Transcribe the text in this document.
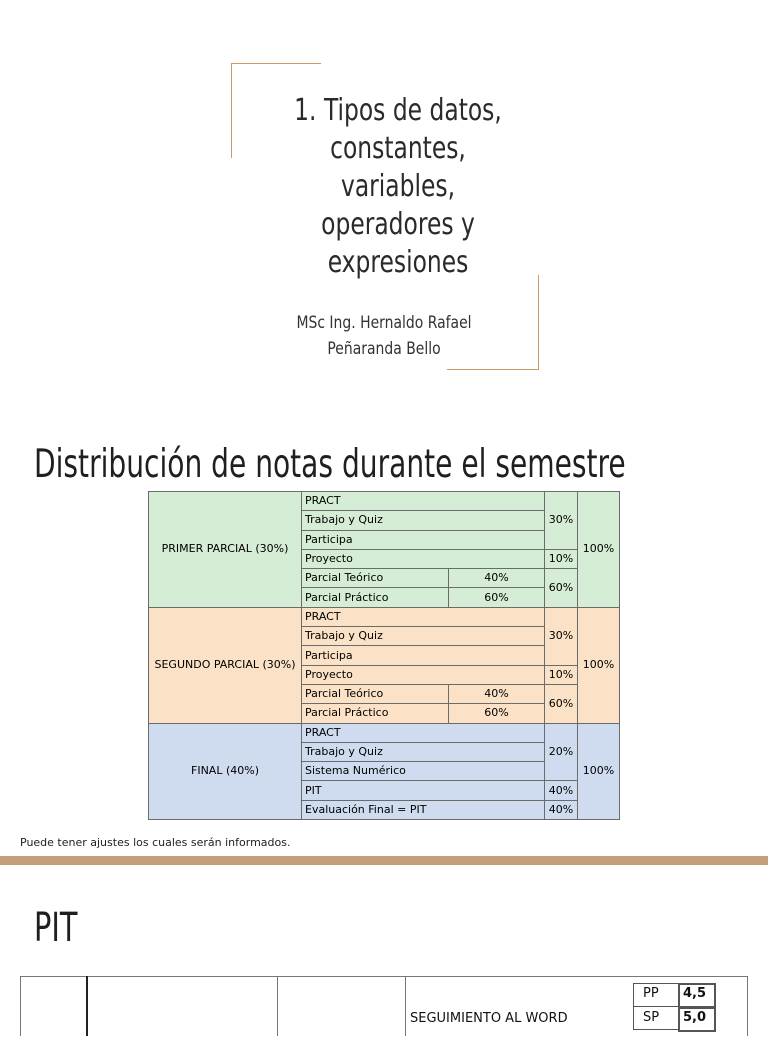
1. Tipos de datos,
constantes, variables,
operadores y
expresiones
MSc Ing. Hernaldo Rafael
Peñaranda Bello
Distribución de notas durante el semestre
PRIMER PARCIAL (30%)	PRACT		30%	100%
	Trabajo y Quiz			
	Participa			
	Proyecto		10%	
	Parcial Teórico	40%	60%	
	Parcial Práctico	60%		
SEGUNDO PARCIAL (30%)	PRACT		30%	100%
	Trabajo y Quiz			
	Participa			
	Proyecto		10%	
	Parcial Teórico	40%	60%	
	Parcial Práctico	60%		
FINAL (40%)	PRACT		20%	100%
	Trabajo y Quiz			
	Sistema Numérico			
	PIT		40%	
	Evaluación Final = PIT		40%	
Puede tener ajustes los cuales serán informados.
PIT
SEGUIMIENTO AL WORD
PP 4,5
SP 5,0
